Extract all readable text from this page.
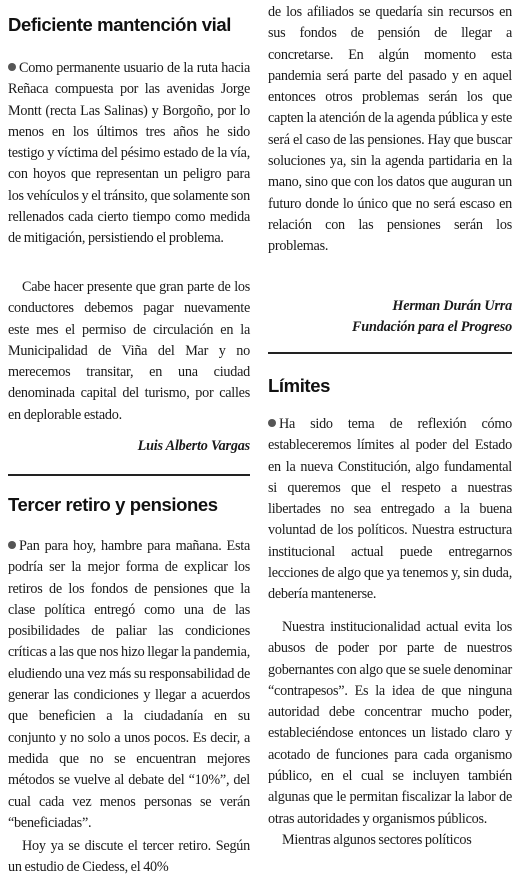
Deficiente mantención vial

Como permanente usuario de la ruta hacia Reñaca compuesta por las avenidas Jorge Montt (recta Las Salinas) y Borgoño, por lo menos en los últimos tres años he sido testigo y víctima del pésimo estado de la vía, con hoyos que representan un peligro para los vehículos y el tránsito, que solamente son rellenados cada cierto tiempo como medida de mitigación, persistiendo el problema.

Cabe hacer presente que gran parte de los conductores debemos pagar nuevamente este mes el permiso de circulación en la Municipalidad de Viña del Mar y no merecemos transitar, en una ciudad denominada capital del turismo, por calles en deplorable estado.

Luis Alberto Vargas

Tercer retiro y pensiones

Pan para hoy, hambre para mañana. Esta podría ser la mejor forma de explicar los retiros de los fondos de pensiones que la clase política entregó como una de las posibilidades de paliar las condiciones críticas a las que nos hizo llegar la pandemia, eludiendo una vez más su responsabilidad de generar las condiciones y llegar a acuerdos que beneficien a la ciudadanía en su conjunto y no solo a unos pocos. Es decir, a medida que no se encuentran mejores métodos se vuelve al debate del “10%”, del cual cada vez menos personas se verán “beneficiadas”.

Hoy ya se discute el tercer retiro. Según un estudio de Ciedess, el 40%

de los afiliados se quedaría sin recursos en sus fondos de pensión de llegar a concretarse. En algún momento esta pandemia será parte del pasado y en aquel entonces otros problemas serán los que capten la atención de la agenda pública y este será el caso de las pensiones. Hay que buscar soluciones ya, sin la agenda partidaria en la mano, sino que con los datos que auguran un futuro donde lo único que no será escaso en relación con las pensiones serán los problemas.

Herman Durán Urra

Fundación para el Progreso

Límites

Ha sido tema de reflexión cómo estableceremos límites al poder del Estado en la nueva Constitución, algo fundamental si queremos que el respeto a nuestras libertades no sea entregado a la buena voluntad de los políticos. Nuestra estructura institucional actual puede entregarnos lecciones de algo que ya tenemos y, sin duda, debería mantenerse.

Nuestra institucionalidad actual evita los abusos de poder por parte de nuestros gobernantes con algo que se suele denominar “contrapesos”. Es la idea de que ninguna autoridad debe concentrar mucho poder, estableciéndose entonces un listado claro y acotado de funciones para cada organismo público, en el cual se incluyen también algunas que le permitan fiscalizar la labor de otras autoridades y organismos públicos.
Mientras algunos sectores políticos
